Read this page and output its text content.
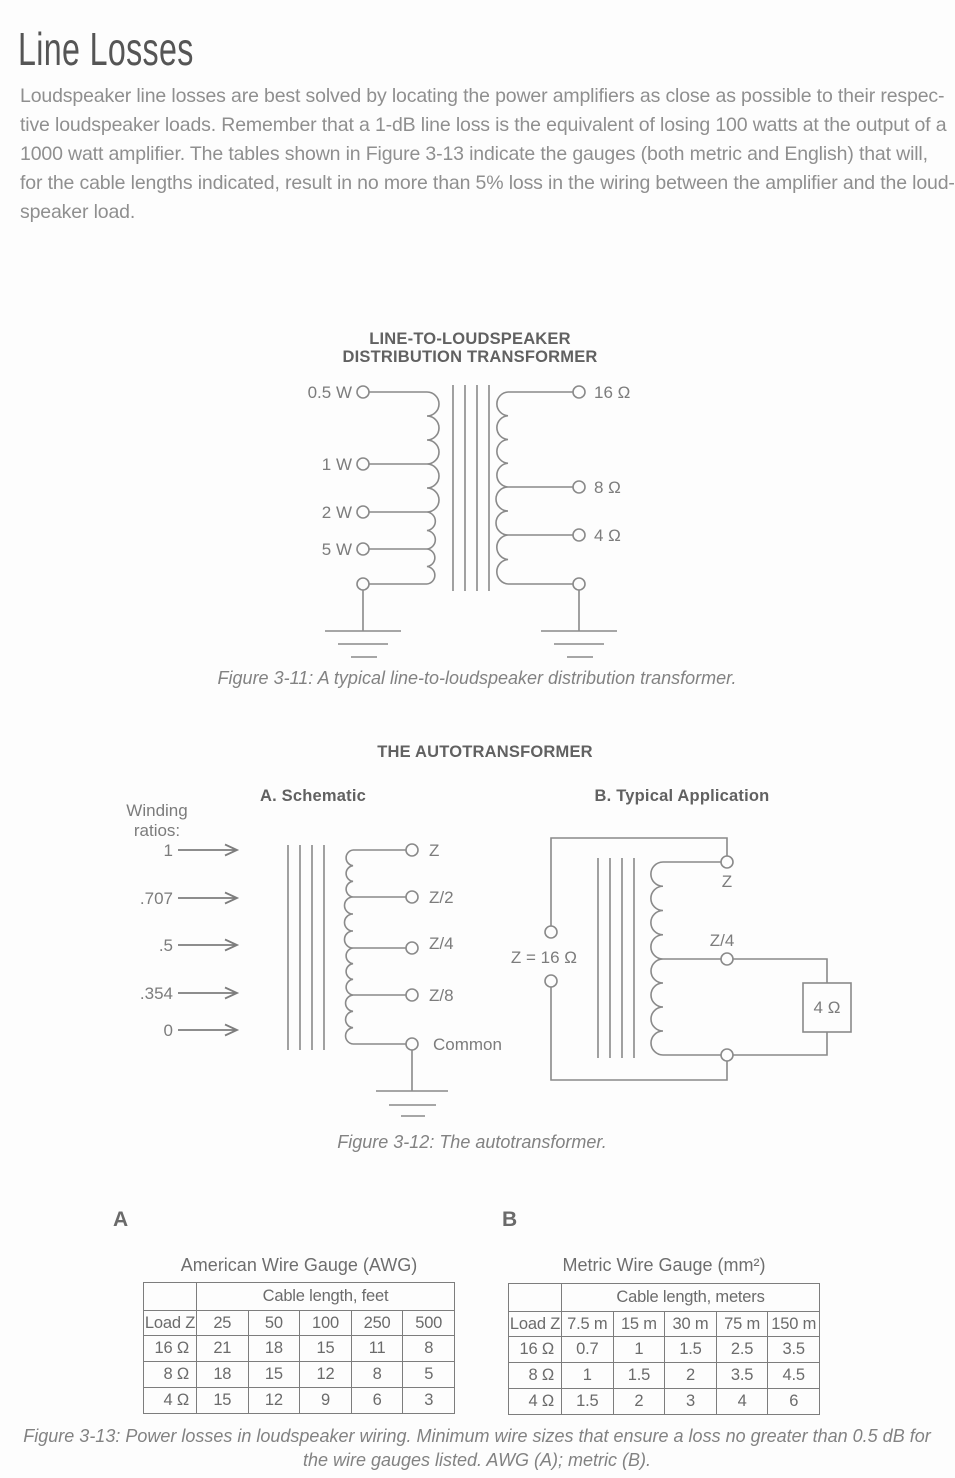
Line Losses
Loudspeaker line losses are best solved by locating the power amplifiers as close as possible to their respec-
tive loudspeaker loads. Remember that a 1-dB line loss is the equivalent of losing 100 watts at the output of a
1000 watt amplifier. The tables shown in Figure 3-13 indicate the gauges (both metric and English) that will,
for the cable lengths indicated, result in no more than 5% loss in the wiring between the amplifier and the loud-
speaker load.
LINE-TO-LOUDSPEAKER
DISTRIBUTION TRANSFORMER
0.5 W
1 W
2 W
5 W
16 Ω
8 Ω
4 Ω
Figure 3-11: A typical line-to-loudspeaker distribution transformer.
THE AUTOTRANSFORMER
A. Schematic	B. Typical Application
Winding
ratios:
1
.707
.5
.354
0
Z
Z/2
Z/4
Z/8
Common
Z
Z/4
Z = 16 Ω
4 Ω
Figure 3-12: The autotransformer.
A	B
American Wire Gauge (AWG)	Metric Wire Gauge (mm²)
	Cable length, feet				
Load Z	25	50	100	250	500
16 Ω	21	18	15	11	8
8 Ω	18	15	12	8	5
4 Ω	15	12	9	6	3
	Cable length, meters				
Load Z	7.5 m	15 m	30 m	75 m	150 m
16 Ω	0.7	1	1.5	2.5	3.5
8 Ω	1	1.5	2	3.5	4.5
4 Ω	1.5	2	3	4	6
Figure 3-13: Power losses in loudspeaker wiring. Minimum wire sizes that ensure a loss no greater than 0.5 dB for
the wire gauges listed. AWG (A); metric (B).
